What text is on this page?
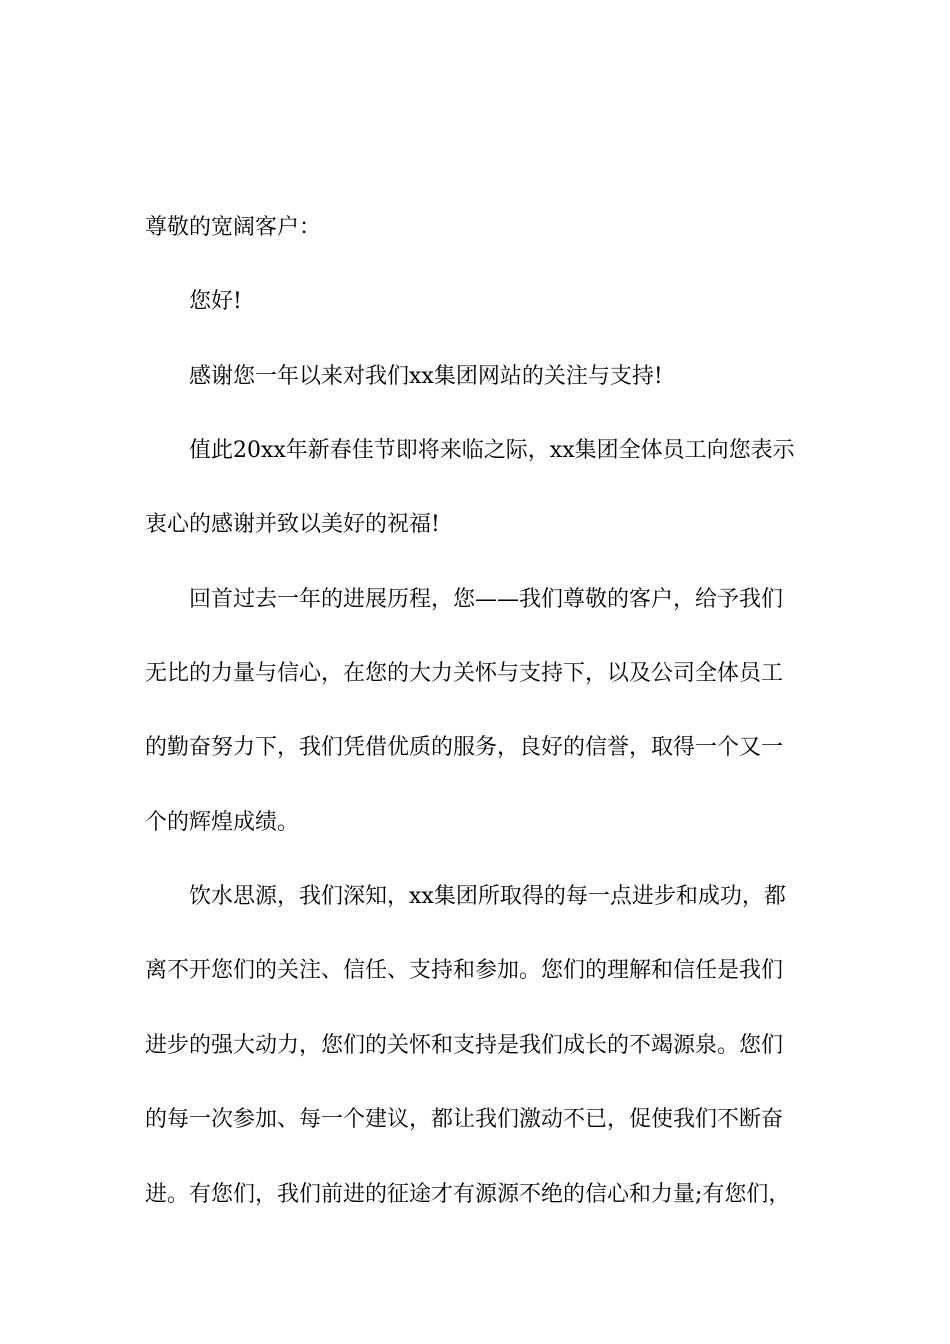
尊敬的宽阔客户：
您好!
感谢您一年以来对我们xx集团网站的关注与支持!
值此20xx年新春佳节即将来临之际，xx集团全体员工向您表示
衷心的感谢并致以美好的祝福!
回首过去一年的进展历程，您——我们尊敬的客户，给予我们
无比的力量与信心，在您的大力关怀与支持下，以及公司全体员工
的勤奋努力下，我们凭借优质的服务，良好的信誉，取得一个又一
个的辉煌成绩。
饮水思源，我们深知，xx集团所取得的每一点进步和成功，都
离不开您们的关注、信任、支持和参加。您们的理解和信任是我们
进步的强大动力，您们的关怀和支持是我们成长的不竭源泉。您们
的每一次参加、每一个建议，都让我们激动不已，促使我们不断奋
进。有您们，我们前进的征途才有源源不绝的信心和力量;有您们，
